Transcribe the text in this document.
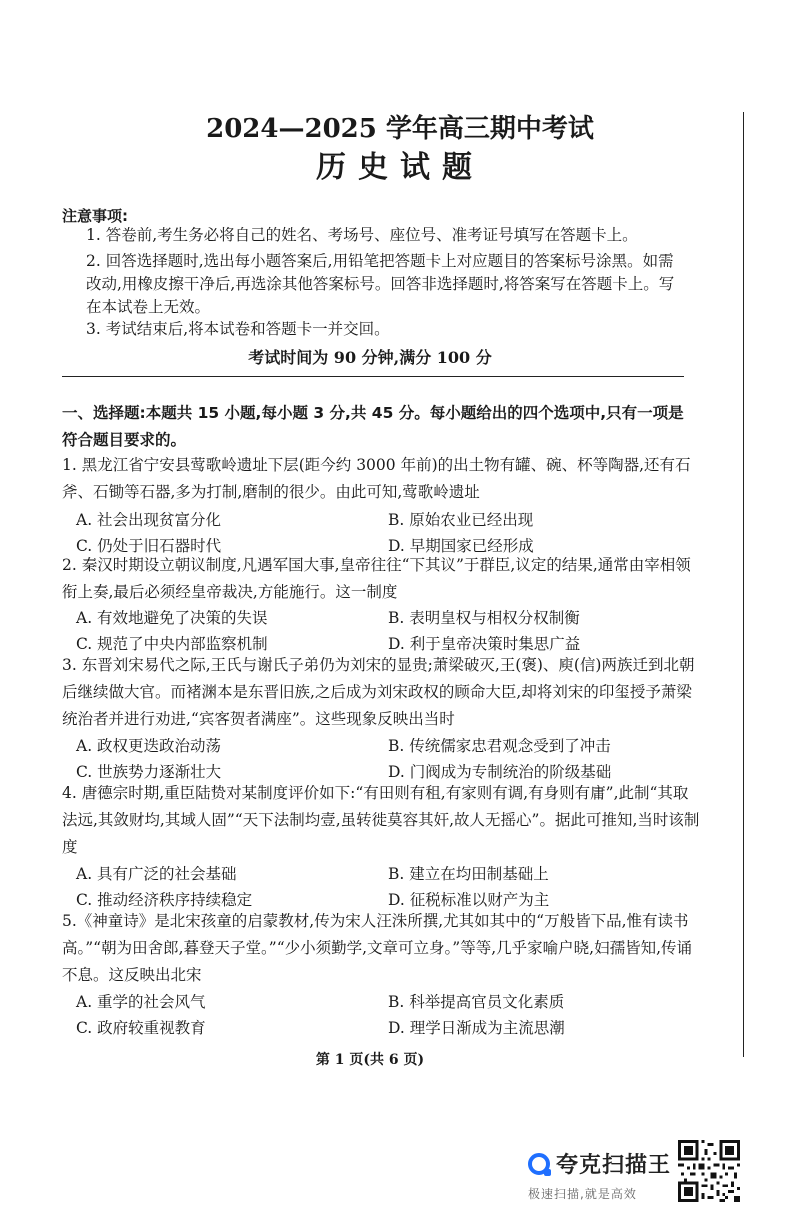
2024—2025 学年高三期中考试
历史试题
注意事项:
1. 答卷前,考生务必将自己的姓名、考场号、座位号、准考证号填写在答题卡上。
2. 回答选择题时,选出每小题答案后,用铅笔把答题卡上对应题目的答案标号涂黑。如需改动,用橡皮擦干净后,再选涂其他答案标号。回答非选择题时,将答案写在答题卡上。写在本试卷上无效。
3. 考试结束后,将本试卷和答题卡一并交回。
考试时间为 90 分钟,满分 100 分
一、选择题:本题共 15 小题,每小题 3 分,共 45 分。每小题给出的四个选项中,只有一项是符合题目要求的。
1. 黑龙江省宁安县莺歌岭遗址下层(距今约 3000 年前)的出土物有罐、碗、杯等陶器,还有石斧、石锄等石器,多为打制,磨制的很少。由此可知,莺歌岭遗址
A. 社会出现贫富分化	B. 原始农业已经出现
C. 仍处于旧石器时代	D. 早期国家已经形成
2. 秦汉时期设立朝议制度,凡遇军国大事,皇帝往往“下其议”于群臣,议定的结果,通常由宰相领衔上奏,最后必须经皇帝裁决,方能施行。这一制度
A. 有效地避免了决策的失误	B. 表明皇权与相权分权制衡
C. 规范了中央内部监察机制	D. 利于皇帝决策时集思广益
3. 东晋刘宋易代之际,王氏与谢氏子弟仍为刘宋的显贵;萧梁破灭,王(褒)、庾(信)两族迁到北朝后继续做大官。而褚渊本是东晋旧族,之后成为刘宋政权的顾命大臣,却将刘宋的印玺授予萧梁统治者并进行劝进,“宾客贺者满座”。这些现象反映出当时
A. 政权更迭政治动荡	B. 传统儒家忠君观念受到了冲击
C. 世族势力逐渐壮大	D. 门阀成为专制统治的阶级基础
4. 唐德宗时期,重臣陆贽对某制度评价如下:“有田则有租,有家则有调,有身则有庸”,此制“其取法远,其敛财均,其域人固”“天下法制均壹,虽转徙莫容其奸,故人无摇心”。据此可推知,当时该制度
A. 具有广泛的社会基础	B. 建立在均田制基础上
C. 推动经济秩序持续稳定	D. 征税标准以财产为主
5.《神童诗》是北宋孩童的启蒙教材,传为宋人汪洙所撰,尤其如其中的“万般皆下品,惟有读书高。”“朝为田舍郎,暮登天子堂。”“少小须勤学,文章可立身。”等等,几乎家喻户晓,妇孺皆知,传诵不息。这反映出北宋
A. 重学的社会风气	B. 科举提高官员文化素质
C. 政府较重视教育	D. 理学日渐成为主流思潮
第 1 页(共 6 页)
夸克扫描王
极速扫描,就是高效
